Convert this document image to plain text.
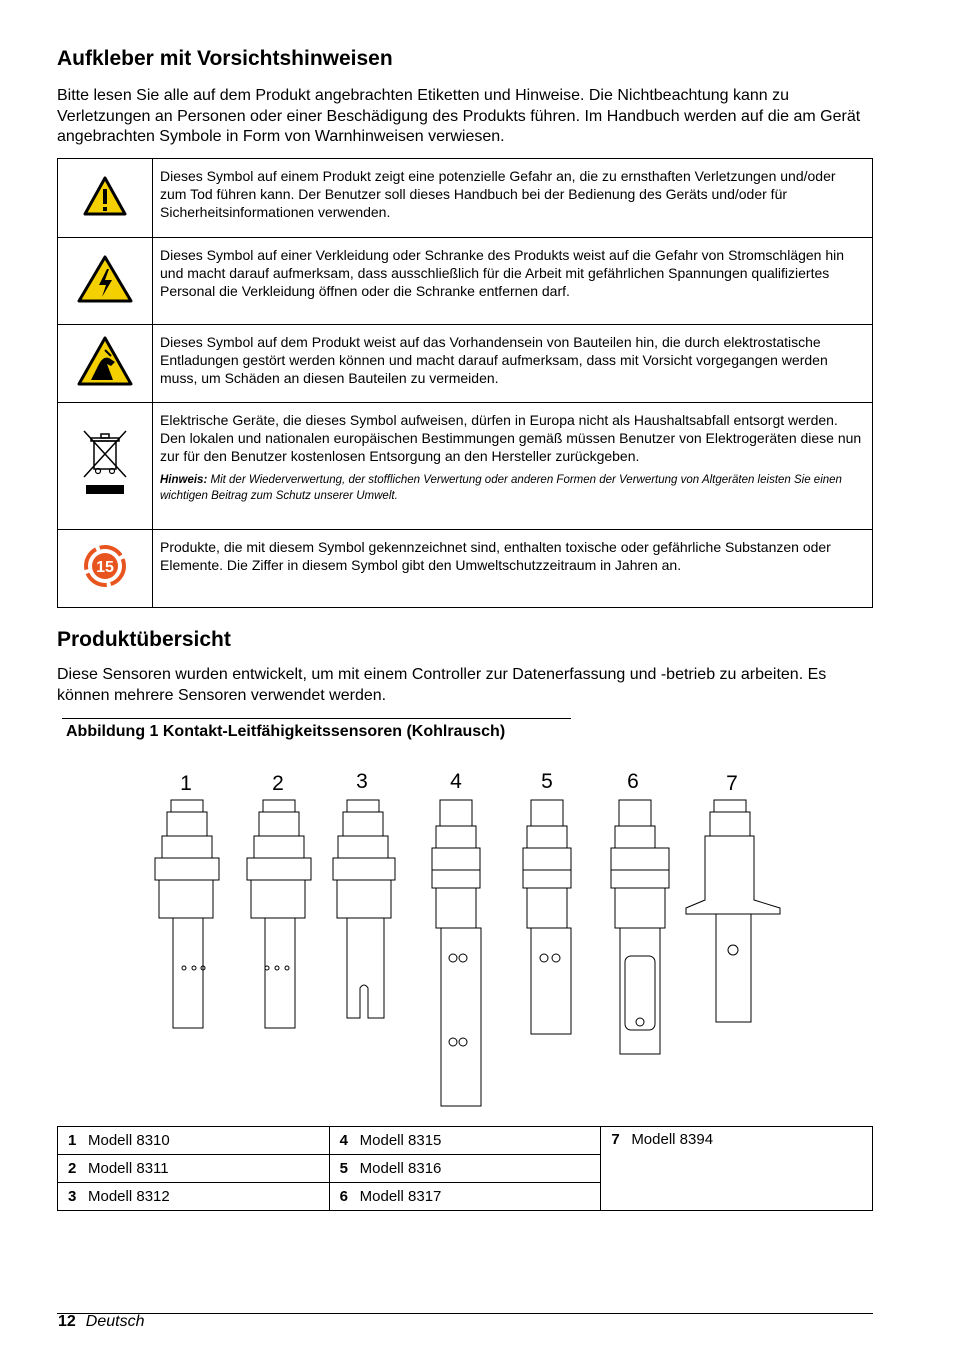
Aufkleber mit Vorsichtshinweisen

Bitte lesen Sie alle auf dem Produkt angebrachten Etiketten und Hinweise. Die Nichtbeachtung kann zu Verletzungen an Personen oder einer Beschädigung des Produkts führen. Im Handbuch werden auf die am Gerät angebrachten Symbole in Form von Warnhinweisen verwiesen.

	Dieses Symbol auf einem Produkt zeigt eine potenzielle Gefahr an, die zu ernsthaften Verletzungen und/oder zum Tod führen kann. Der Benutzer soll dieses Handbuch bei der Bedienung des Geräts und/oder für Sicherheitsinformationen verwenden.
	Dieses Symbol auf einer Verkleidung oder Schranke des Produkts weist auf die Gefahr von Stromschlägen hin und macht darauf aufmerksam, dass ausschließlich für die Arbeit mit gefährlichen Spannungen qualifiziertes Personal die Verkleidung öffnen oder die Schranke entfernen darf.
	Dieses Symbol auf dem Produkt weist auf das Vorhandensein von Bauteilen hin, die durch elektrostatische Entladungen gestört werden können und macht darauf aufmerksam, dass mit Vorsicht vorgegangen werden muss, um Schäden an diesen Bauteilen zu vermeiden.

Elektrische Geräte, die dieses Symbol aufweisen, dürfen in Europa nicht als Haushaltsabfall entsorgt werden. Den lokalen und nationalen europäischen Bestimmungen gemäß müssen Benutzer von Elektrogeräten diese nun zur für den Benutzer kostenlosen Entsorgung an den Hersteller zurückgeben.
Hinweis: Mit der Wiederverwertung, der stofflichen Verwertung oder anderen Formen der Verwertung von Altgeräten leisten Sie einen wichtigen Beitrag zum Schutz unserer Umwelt.

15	Produkte, die mit diesem Symbol gekennzeichnet sind, enthalten toxische oder gefährliche Substanzen oder Elemente. Die Ziffer in diesem Symbol gibt den Umweltschutzzeitraum in Jahren an.
Produktübersicht

Diese Sensoren wurden entwickelt, um mit einem Controller zur Datenerfassung und -betrieb zu arbeiten. Es können mehrere Sensoren verwendet werden.

Abbildung 1 Kontakt-Leitfähigkeitssensoren (Kohlrausch)
1	2	3	4	5	6	7
1 Modell 8310	4 Modell 8315	7 Modell 8394
2 Modell 8311	5 Modell 8316	
3 Modell 8312	6 Modell 8317	
12 Deutsch
